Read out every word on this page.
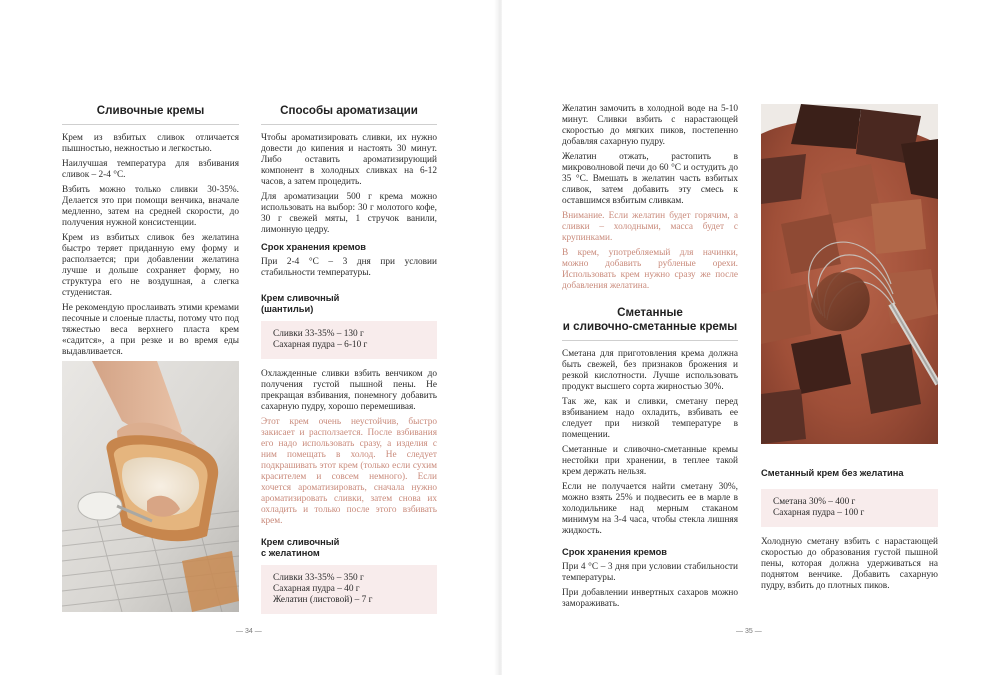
Сливочные кремы

Крем из взбитых сливок отличается пышностью, нежностью и легкостью.

Наилучшая температура для взбивания сливок – 2-4 °С.

Взбить можно только сливки 30-35%. Делается это при помощи венчика, вначале медленно, затем на средней скорости, до получения нужной консистенции.

Крем из взбитых сливок без желатина быстро теряет приданную ему форму и расползается; при добавлении желатина лучше и дольше сохраняет форму, но структура его не воздушная, а слегка студенистая.

Не рекомендую прослаивать этими кремами песочные и слоеные пласты, потому что под тяжестью веса верхнего пласта крем «садится», а при резке и во время еды выдавливается.

Способы ароматизации

Чтобы ароматизировать сливки, их нужно довести до кипения и настоять 30 минут. Либо оставить ароматизирующий компонент в холодных сливках на 6-12 часов, а затем процедить.

Для ароматизации 500 г крема можно использовать на выбор: 30 г молотого кофе, 30 г свежей мяты, 1 стручок ванили, лимонную цедру.

Срок хранения кремов

При 2-4 °С – 3 дня при условии стабильности температуры.

Крем сливочный
(шантильи)
Сливки 33-35% – 130 г
Сахарная пудра – 6-10 г

Охлажденные сливки взбить венчиком до получения густой пышной пены. Не прекращая взбивания, понемногу добавить сахарную пудру, хорошо перемешивая.

Этот крем очень неустойчив, быстро закисает и расползается. После взбивания его надо использовать сразу, а изделия с ним помещать в холод. Не следует подкрашивать этот крем (только если сухим красителем и совсем немного). Если хочется ароматизировать, сначала нужно ароматизировать сливки, затем снова их охладить и только после этого взбивать крем.

Крем сливочный
с желатином
Сливки 33-35% – 350 г
Сахарная пудра – 40 г
Желатин (листовой) – 7 г
— 34 —

Желатин замочить в холодной воде на 5-10 минут. Сливки взбить с нарастающей скоростью до мягких пиков, постепенно добавляя сахарную пудру.

Желатин отжать, растопить в микроволновой печи до 60 °С и остудить до 35 °С. Вмешать в желатин часть взбитых сливок, затем добавить эту смесь к оставшимся взбитым сливкам.

Внимание. Если желатин будет горячим, а сливки – холодными, масса будет с крупинками.

В крем, употребляемый для начинки, можно добавить рубленые орехи. Использовать крем нужно сразу же после добавления желатина.

Сметанные
и сливочно-сметанные кремы

Сметана для приготовления крема должна быть свежей, без признаков брожения и резкой кислотности. Лучше использовать продукт высшего сорта жирностью 30%.

Так же, как и сливки, сметану перед взбиванием надо охладить, взбивать ее следует при низкой температуре в помещении.

Сметанные и сливочно-сметанные кремы нестойки при хранении, в теплее такой крем держать нельзя.

Если не получается найти сметану 30%, можно взять 25% и подвесить ее в марле в холодильнике над мерным стаканом минимум на 3-4 часа, чтобы стекла лишняя жидкость.

Срок хранения кремов

При 4 °С – 3 дня при условии стабильности температуры.

При добавлении инвертных сахаров можно замораживать.

Сметанный крем без желатина
Сметана 30% – 400 г
Сахарная пудра – 100 г

Холодную сметану взбить с нарастающей скоростью до образования густой пышной пены, которая должна удерживаться на поднятом венчике. Добавить сахарную пудру, взбить до плотных пиков.

— 35 —
